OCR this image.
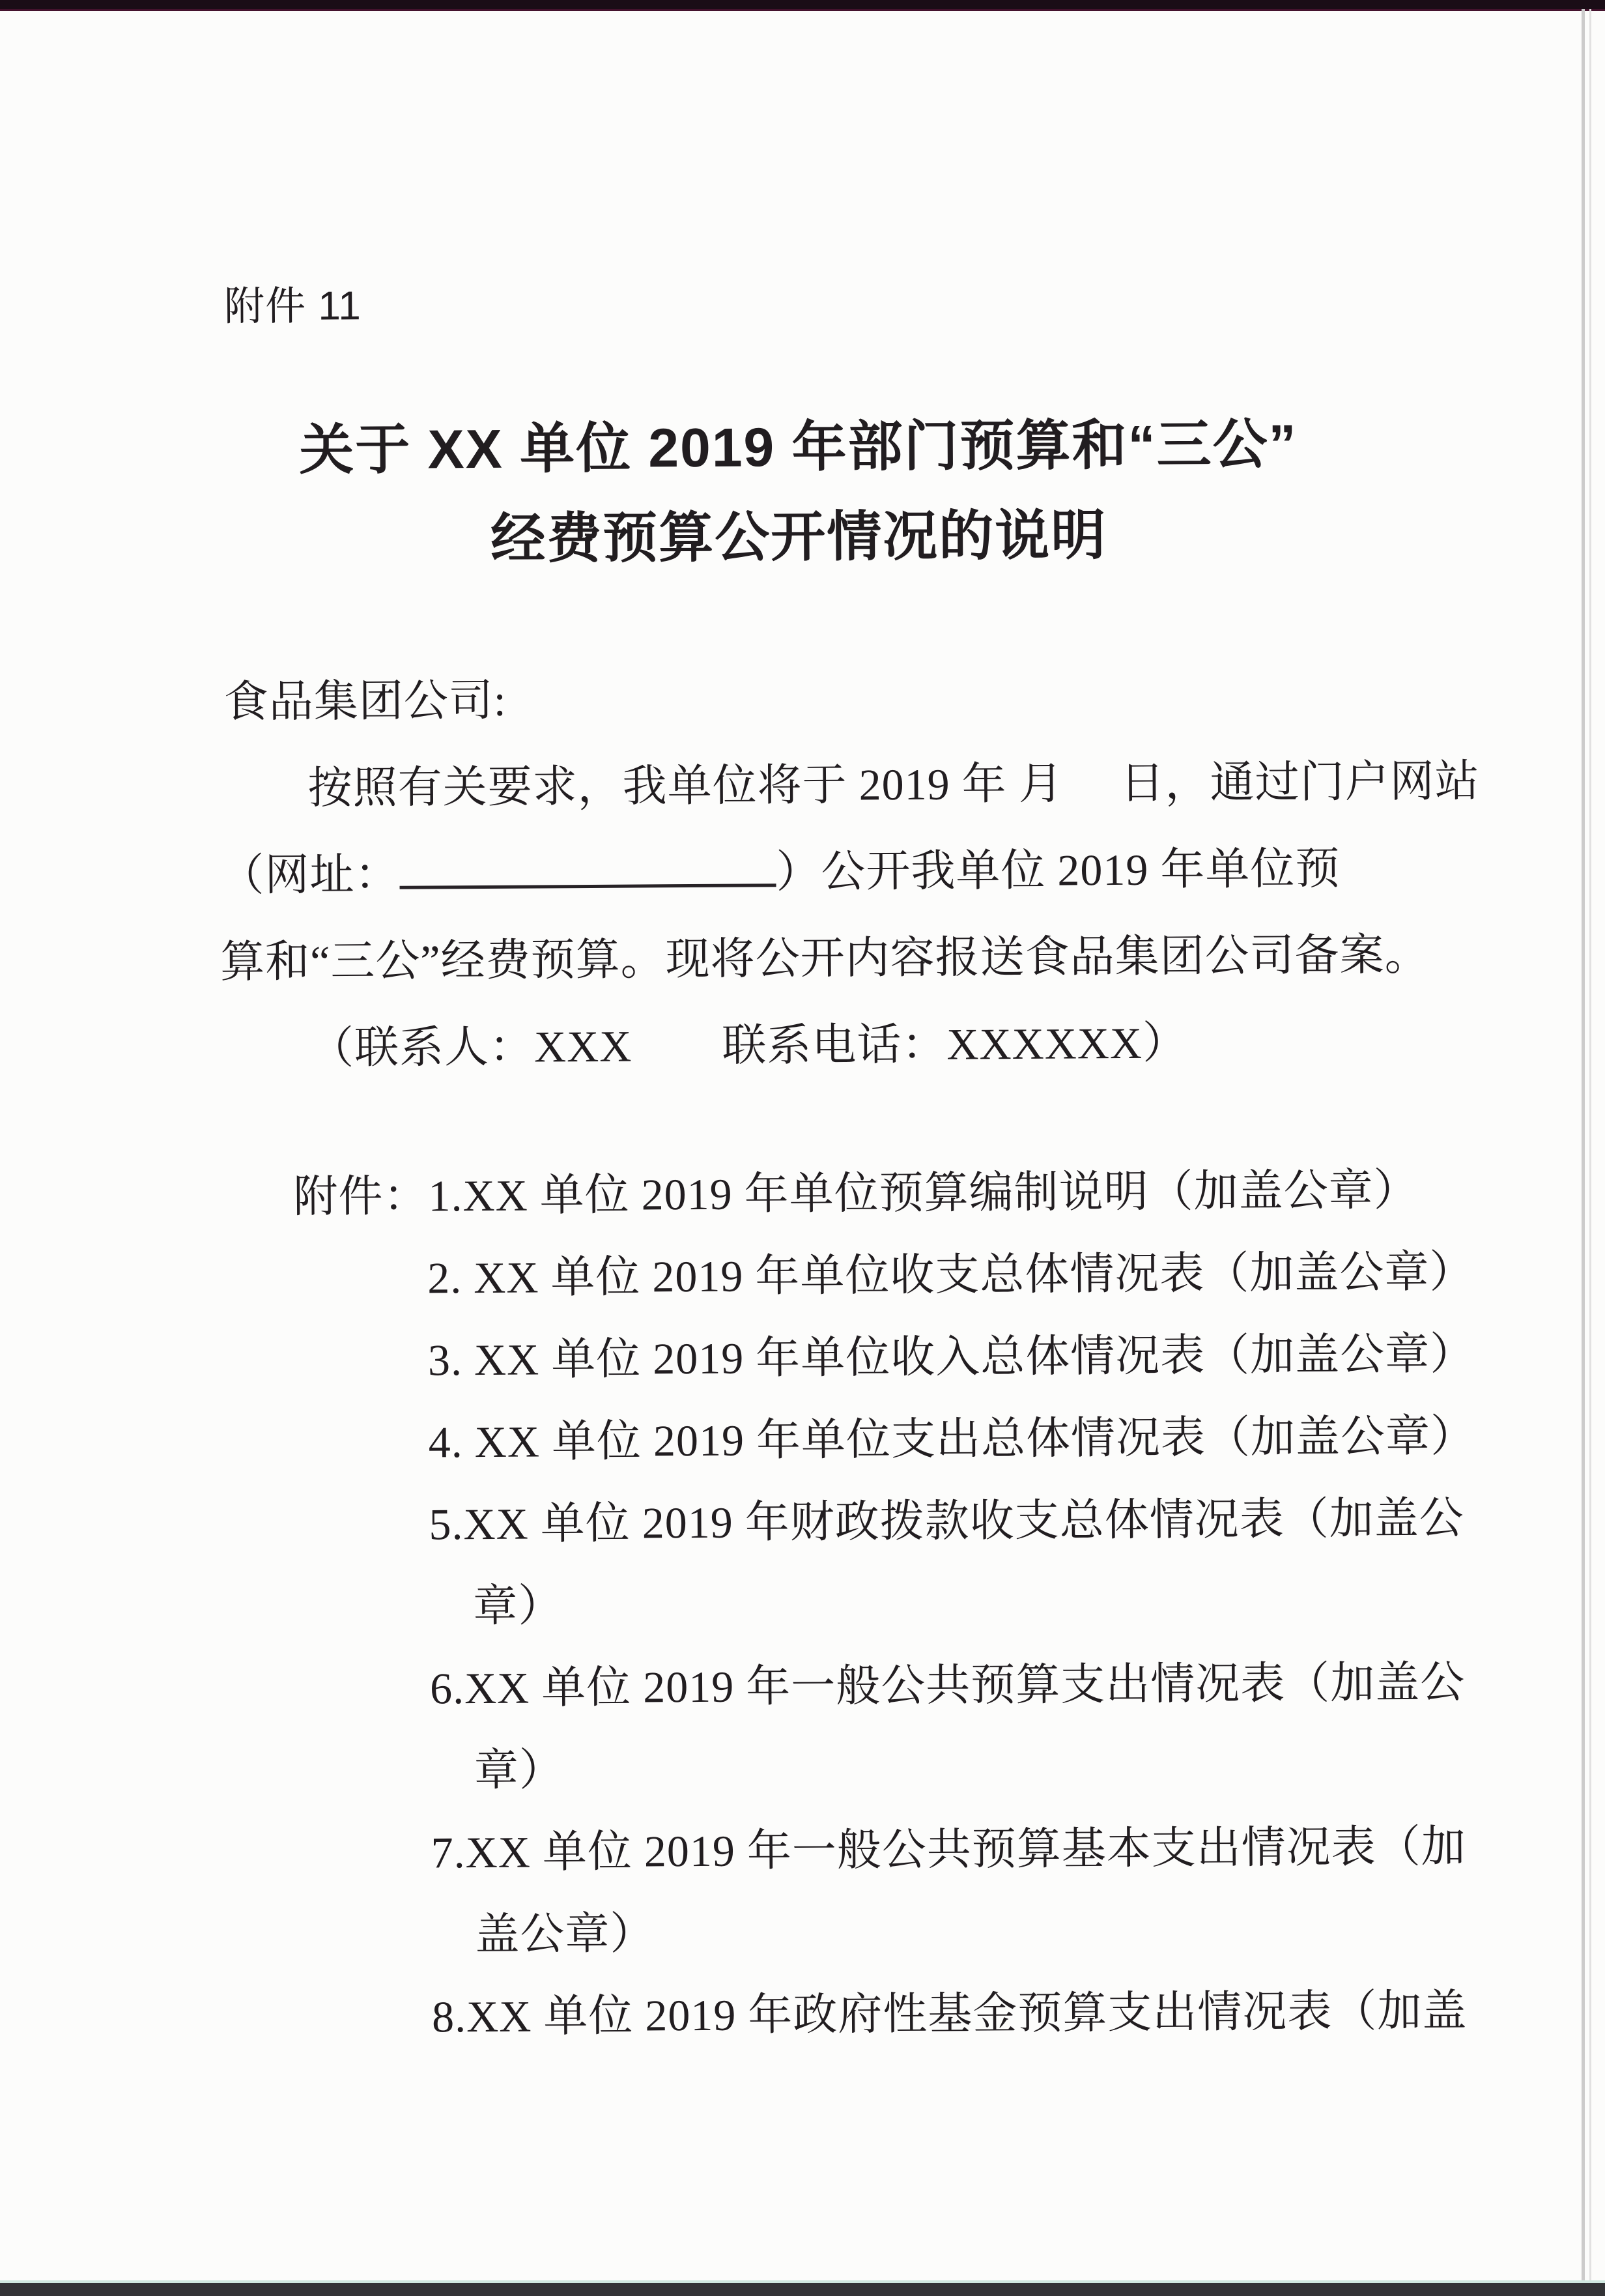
附件 11
关于 XX 单位 2019 年部门预算和“三公”
经费预算公开情况的说明
食品集团公司:
按照有关要求，我单位将于 2019 年 月　 日，通过门户网站
（网址：	）公开我单位 2019 年单位预
算和“三公”经费预算。现将公开内容报送食品集团公司备案。
（联系人：XXX　　联系电话：XXXXXX）
附件：1.XX 单位 2019 年单位预算编制说明（加盖公章）
2. XX 单位 2019 年单位收支总体情况表（加盖公章）
3. XX 单位 2019 年单位收入总体情况表（加盖公章）
4. XX 单位 2019 年单位支出总体情况表（加盖公章）
5.XX 单位 2019 年财政拨款收支总体情况表（加盖公
章）
6.XX 单位 2019 年一般公共预算支出情况表（加盖公
章）
7.XX 单位 2019 年一般公共预算基本支出情况表（加
盖公章）
8.XX 单位 2019 年政府性基金预算支出情况表（加盖
